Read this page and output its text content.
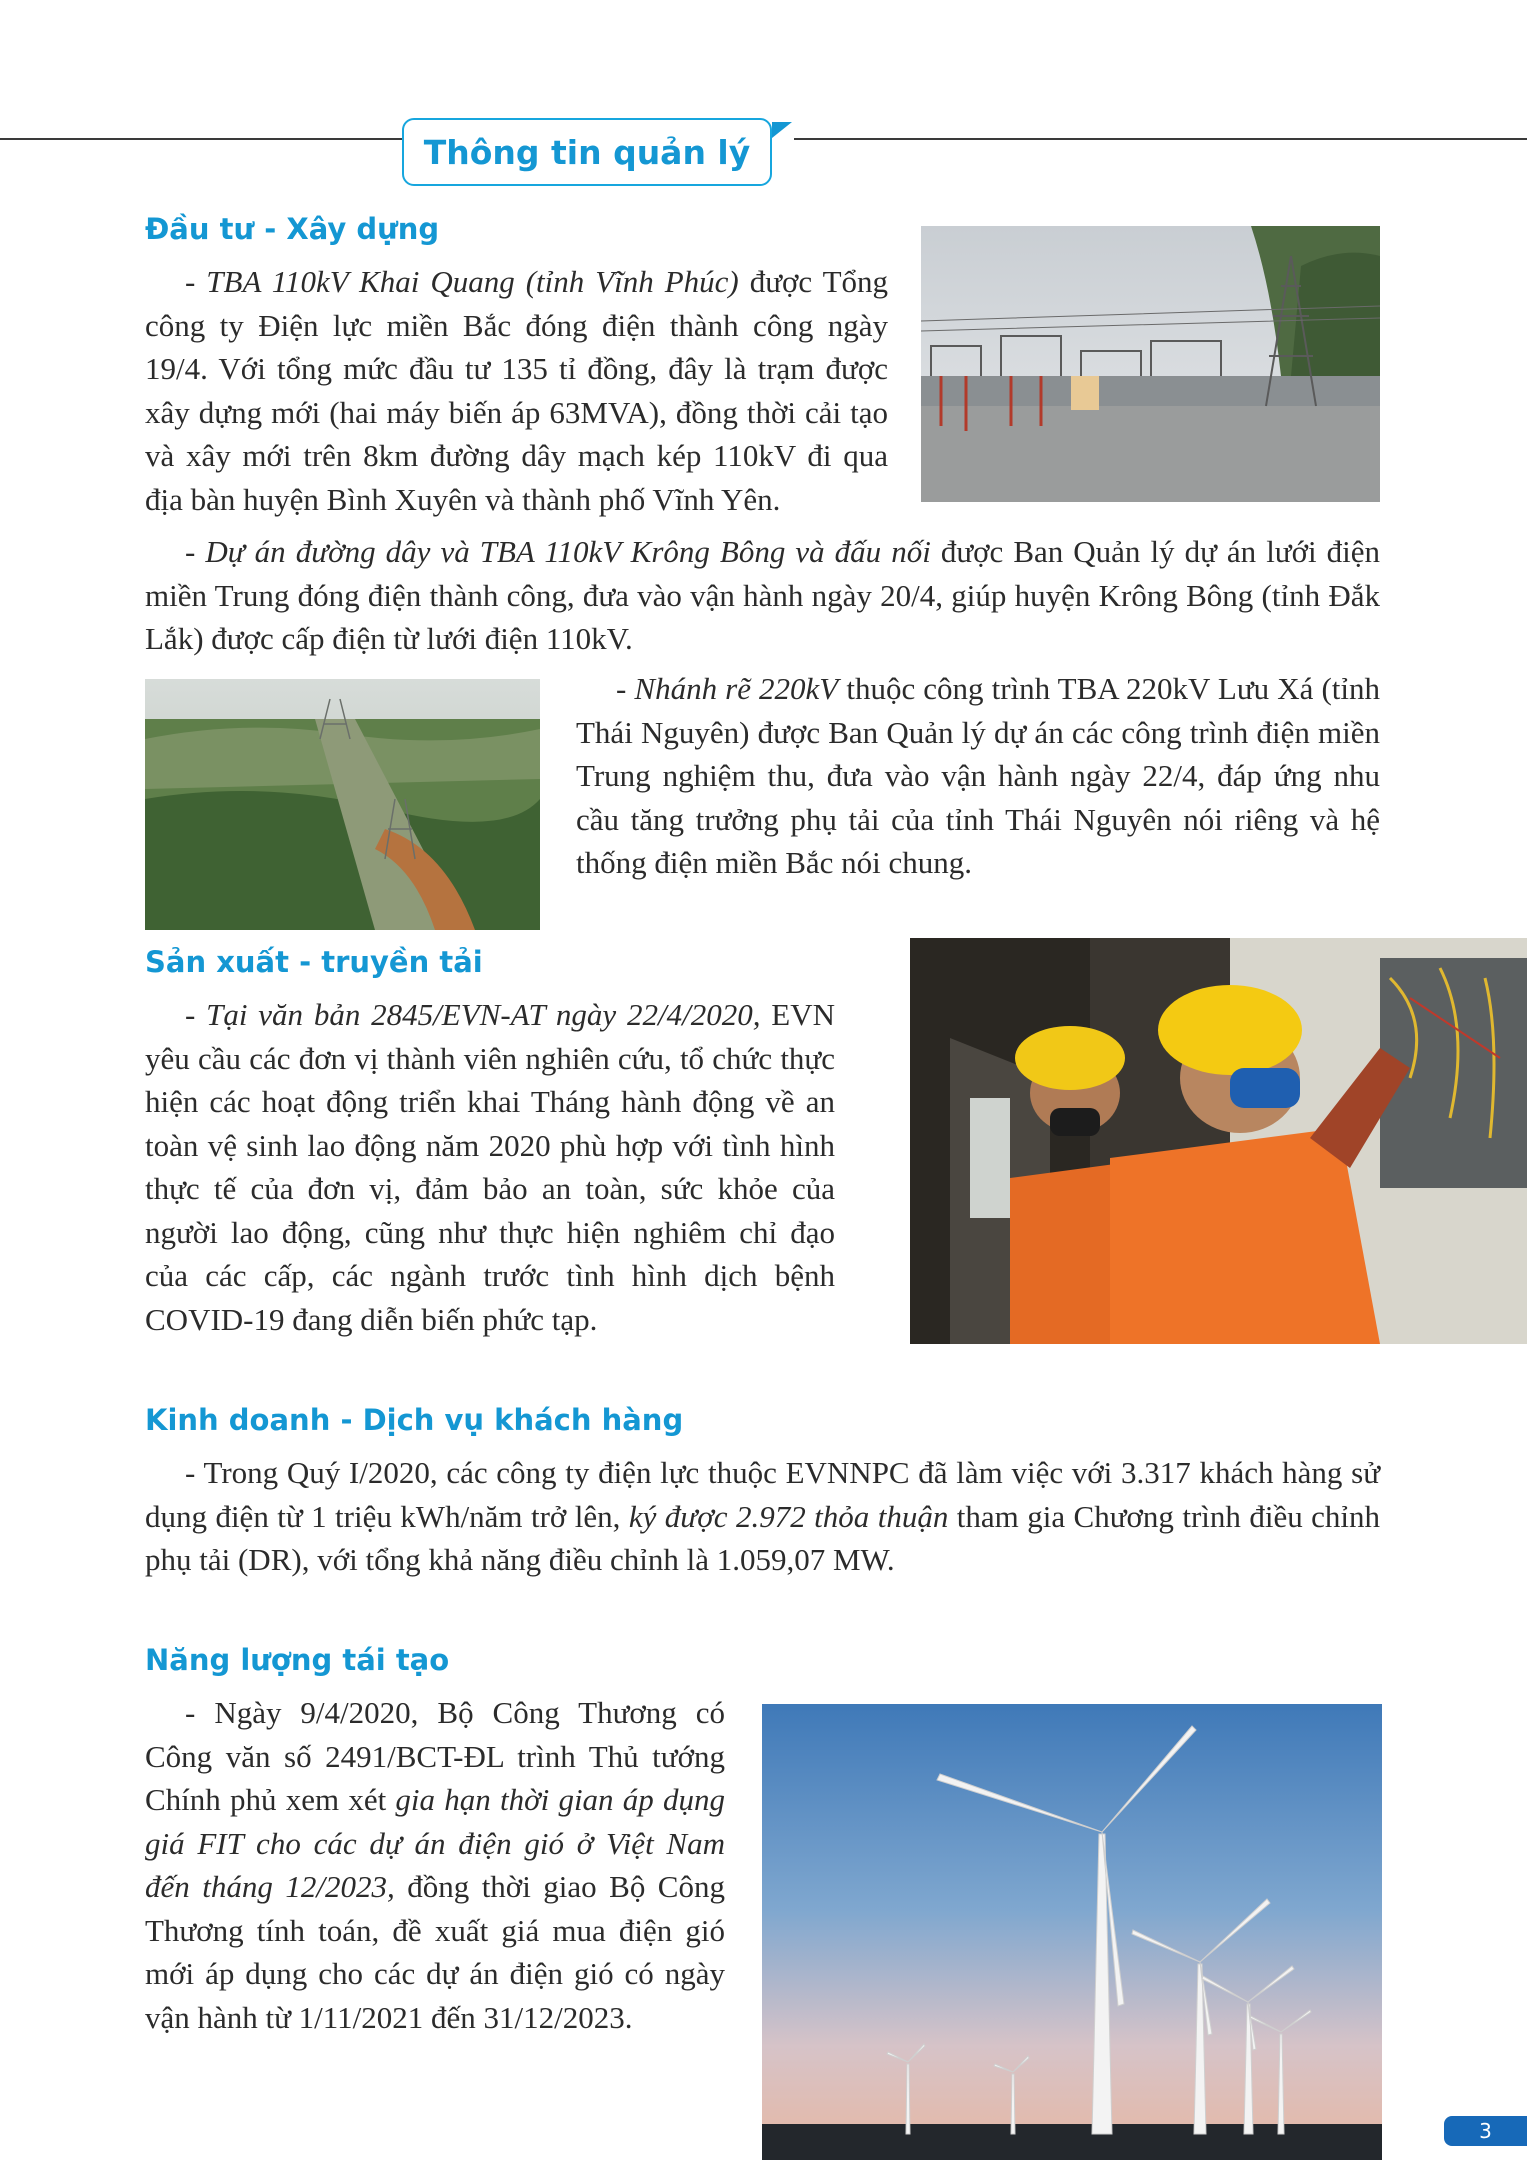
Thông tin quản lý
Đầu tư - Xây dựng

- TBA 110kV Khai Quang (tỉnh Vĩnh Phúc) được Tổng công ty Điện lực miền Bắc đóng điện thành công ngày 19/4. Với tổng mức đầu tư 135 tỉ đồng, đây là trạm được xây dựng mới (hai máy biến áp 63MVA), đồng thời cải tạo và xây mới trên 8km đường dây mạch kép 110kV đi qua địa bàn huyện Bình Xuyên và thành phố Vĩnh Yên.

- Dự án đường dây và TBA 110kV Krông Bông và đấu nối được Ban Quản lý dự án lưới điện miền Trung đóng điện thành công, đưa vào vận hành ngày 20/4, giúp huyện Krông Bông (tỉnh Đắk Lắk) được cấp điện từ lưới điện 110kV.

- Nhánh rẽ 220kV thuộc công trình TBA 220kV Lưu Xá (tỉnh Thái Nguyên) được Ban Quản lý dự án các công trình điện miền Trung nghiệm thu, đưa vào vận hành ngày 22/4, đáp ứng nhu cầu tăng trưởng phụ tải của tỉnh Thái Nguyên nói riêng và hệ thống điện miền Bắc nói chung.

Sản xuất - truyền tải

- Tại văn bản 2845/EVN-AT ngày 22/4/2020, EVN yêu cầu các đơn vị thành viên nghiên cứu, tổ chức thực hiện các hoạt động triển khai Tháng hành động về an toàn vệ sinh lao động năm 2020 phù hợp với tình hình thực tế của đơn vị, đảm bảo an toàn, sức khỏe của người lao động, cũng như thực hiện nghiêm chỉ đạo của các cấp, các ngành trước tình hình dịch bệnh COVID-19 đang diễn biến phức tạp.

Kinh doanh - Dịch vụ khách hàng

- Trong Quý I/2020, các công ty điện lực thuộc EVNNPC đã làm việc với 3.317 khách hàng sử dụng điện từ 1 triệu kWh/năm trở lên, ký được 2.972 thỏa thuận tham gia Chương trình điều chỉnh phụ tải (DR), với tổng khả năng điều chỉnh là 1.059,07 MW.

Năng lượng tái tạo

- Ngày 9/4/2020, Bộ Công Thương có Công văn số 2491/BCT-ĐL trình Thủ tướng Chính phủ xem xét gia hạn thời gian áp dụng giá FIT cho các dự án điện gió ở Việt Nam đến tháng 12/2023, đồng thời giao Bộ Công Thương tính toán, đề xuất giá mua điện gió mới áp dụng cho các dự án điện gió có ngày vận hành từ 1/11/2021 đến 31/12/2023.

3
